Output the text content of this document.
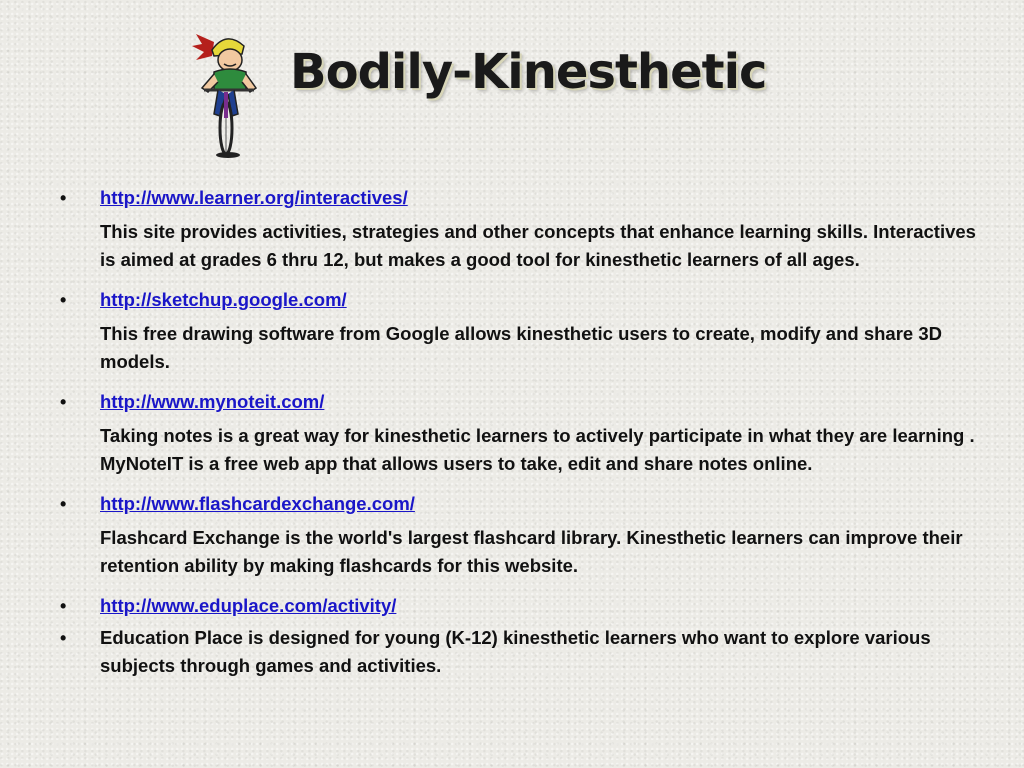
Bodily-Kinesthetic
• http://www.learner.org/interactives/
This site provides activities, strategies and other concepts that enhance learning skills. Interactives is aimed at grades 6 thru 12, but makes a good tool for kinesthetic learners of all ages.
• http://sketchup.google.com/
This free drawing software from Google allows kinesthetic users to create, modify and share 3D models.
• http://www.mynoteit.com/
Taking notes is a great way for kinesthetic learners to actively participate in what they are learning . MyNoteIT is a free web app that allows users to take, edit and share notes online.
• http://www.flashcardexchange.com/
Flashcard Exchange is the world's largest flashcard library. Kinesthetic learners can improve their retention ability by making flashcards for this website.
• http://www.eduplace.com/activity/
• Education Place is designed for young (K-12) kinesthetic learners who want to explore various subjects through games and activities.
